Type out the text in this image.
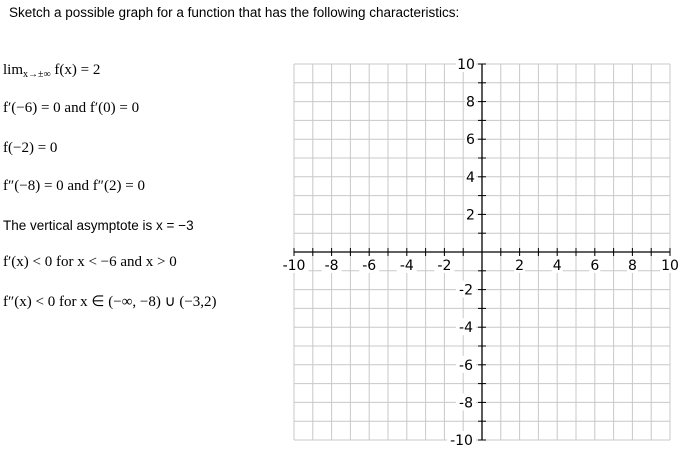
Sketch a possible graph for a function that has the following characteristics:
$\lim_{x\to\pm\infty} f(x) = 2$
f′(−6) = 0 and f′(0) = 0
f(−2) = 0
f″(−8) = 0 and f″(2) = 0
The vertical asymptote is x = −3
f′(x) < 0 for x < −6 and x > 0
f″(x) < 0 for x ∈ (−∞, −8) ∪ (−3,2)
-10 -8 -6 -4 -2	2 4 6 8 10
10
8
6
4
2
-2
-4
-6
-8
-10
